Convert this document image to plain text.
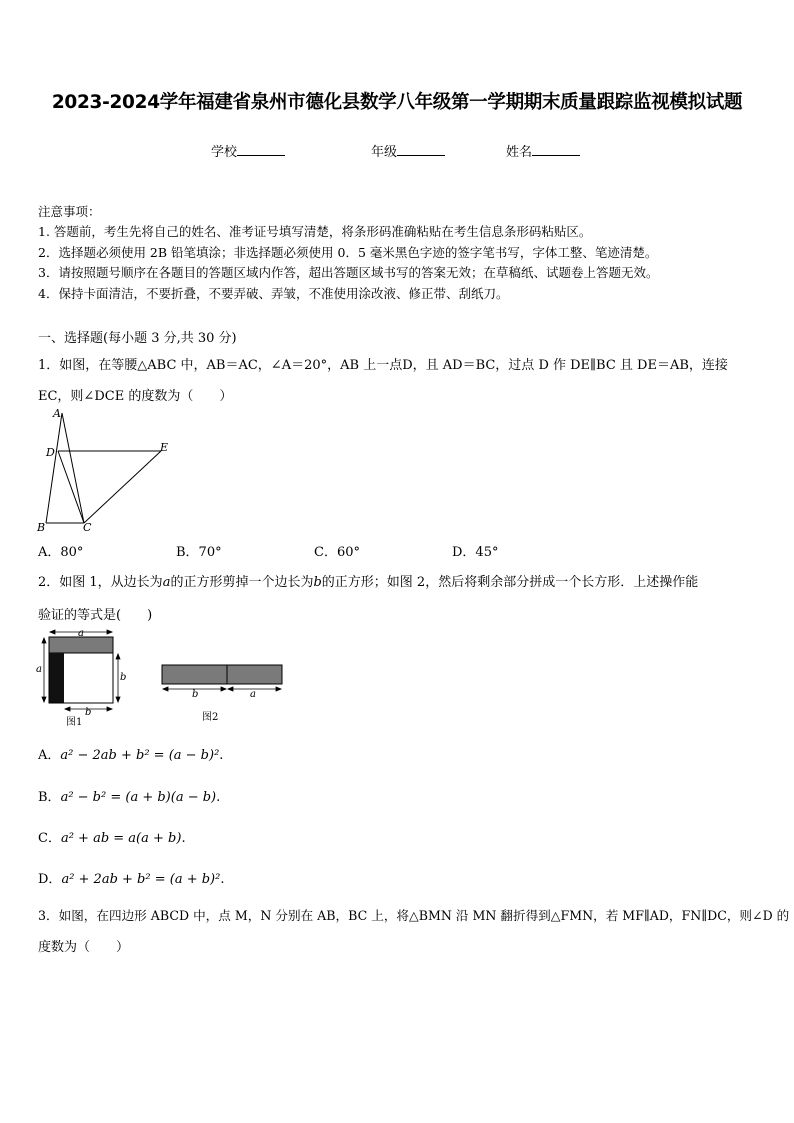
2023-2024学年福建省泉州市德化县数学八年级第一学期期末质量跟踪监视模拟试题
学校	年级	姓名
注意事项：
1. 答题前，考生先将自己的姓名、准考证号填写清楚，将条形码准确粘贴在考生信息条形码粘贴区。
2．选择题必须使用 2B 铅笔填涂；非选择题必须使用 0．5 毫米黑色字迹的签字笔书写，字体工整、笔迹清楚。
3．请按照题号顺序在各题目的答题区域内作答，超出答题区域书写的答案无效；在草稿纸、试题卷上答题无效。
4．保持卡面清洁，不要折叠，不要弄破、弄皱，不准使用涂改液、修正带、刮纸刀。
一、选择题(每小题 3 分,共 30 分)
1．如图，在等腰△ABC 中，AB＝AC，∠A＝20°，AB 上一点D，且 AD＝BC，过点 D 作 DE∥BC 且 DE＝AB，连接
EC，则∠DCE 的度数为（　　）
A
D	E
B	C
A．80°	B．70°	C．60°	D．45°
2．如图 1，从边长为a的正方形剪掉一个边长为b的正方形；如图 2，然后将剩余部分拼成一个长方形．上述操作能
验证的等式是(　　)
a
a
b
b
图1
b	a
图2
A．a² − 2ab + b² = (a − b)².
B．a² − b² = (a + b)(a − b).
C．a² + ab = a(a + b).
D．a² + 2ab + b² = (a + b)².
3．如图，在四边形 ABCD 中，点 M，N 分别在 AB，BC 上，将△BMN 沿 MN 翻折得到△FMN，若 MF∥AD，FN∥DC，则∠D 的
度数为（　　）
